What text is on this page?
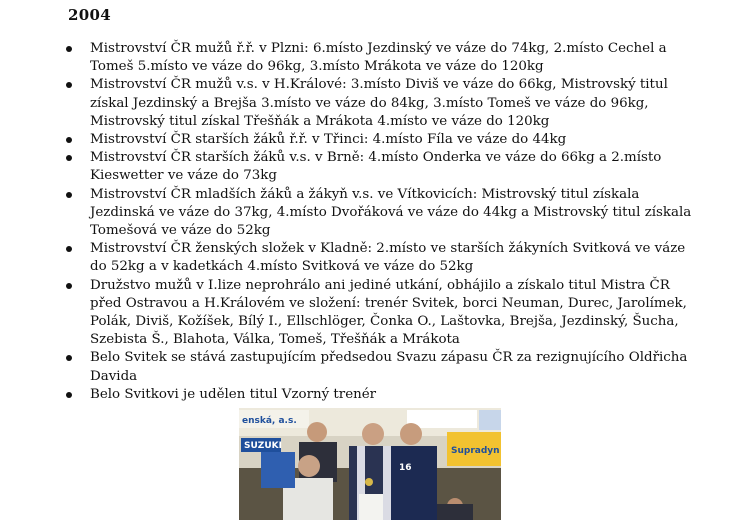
2004
Mistrovství ČR mužů ř.ř. v Plzni: 6.místo Jezdinský ve váze do 74kg, 2.místo Cechel a Tomeš 5.místo ve váze do 96kg, 3.místo Mrákota ve váze do 120kg
Mistrovství ČR mužů v.s. v H.Králové: 3.místo Diviš ve váze do 66kg, Mistrovský titul získal Jezdinský a Brejša 3.místo ve váze do 84kg, 3.místo Tomeš ve váze do 96kg, Mistrovský titul získal Třešňák a Mrákota 4.místo ve váze do 120kg
Mistrovství ČR starších žáků ř.ř. v Třinci: 4.místo Fíla ve váze do 44kg
Mistrovství ČR starších žáků v.s. v Brně: 4.místo Onderka ve váze do 66kg a 2.místo Kieswetter ve váze do 73kg
Mistrovství ČR mladších žáků a žákyň v.s. ve Vítkovicích: Mistrovský titul získala Jezdinská ve váze do 37kg, 4.místo Dvořáková ve váze do 44kg a Mistrovský titul získala Tomešová ve váze do 52kg
Mistrovství ČR ženských složek v Kladně: 2.místo ve starších žákyních Svitková ve váze do 52kg a v kadetkách 4.místo Svitková ve váze do 52kg
Družstvo mužů v I.lize neprohrálo ani jediné utkání, obhájilo a získalo titul Mistra ČR před Ostravou a H.Královém ve složení: trenér Svitek, borci Neuman, Durec, Jarolímek, Polák, Diviš, Kožíšek, Bílý I., Ellschlöger, Čonka O., Laštovka, Brejša, Jezdinský, Šucha, Szebista Š., Blahota, Válka, Tomeš, Třešňák a Mrákota
Belo Svitek se stává zastupujícím předsedou Svazu zápasu ČR za rezignujícího Oldřicha Davida
Belo Svitkovi je udělen titul Vzorný trenér
enská, a.s.
SUZUKI	Supradyn
16
